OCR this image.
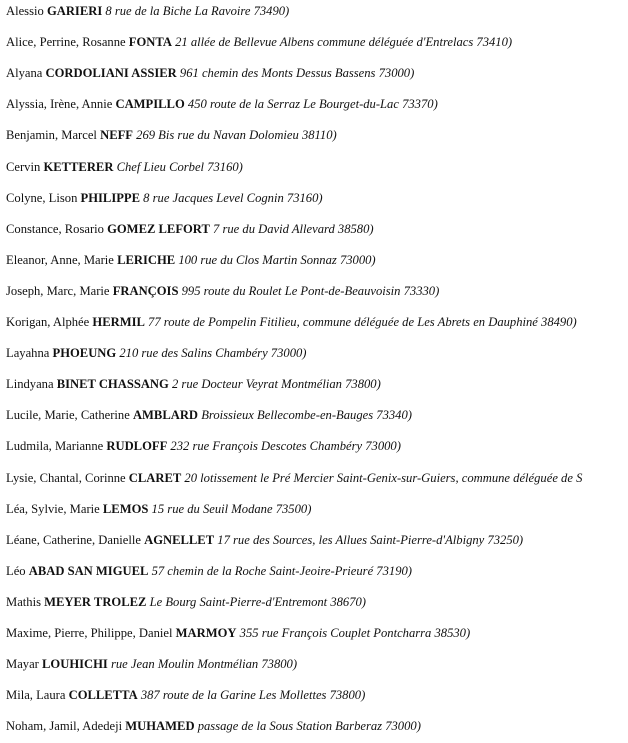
Alessio GARIERI 8 rue de la Biche La Ravoire 73490)
Alice, Perrine, Rosanne FONTA 21 allée de Bellevue Albens commune déléguée d'Entrelacs 73410)
Alyana CORDOLIANI ASSIER 961 chemin des Monts Dessus Bassens 73000)
Alyssia, Irène, Annie CAMPILLO 450 route de la Serraz Le Bourget-du-Lac 73370)
Benjamin, Marcel NEFF 269 Bis rue du Navan Dolomieu 38110)
Cervin KETTERER Chef Lieu Corbel 73160)
Colyne, Lison PHILIPPE 8 rue Jacques Level Cognin 73160)
Constance, Rosario GOMEZ LEFORT 7 rue du David Allevard 38580)
Eleanor, Anne, Marie LERICHE 100 rue du Clos Martin Sonnaz 73000)
Joseph, Marc, Marie FRANÇOIS 995 route du Roulet Le Pont-de-Beauvoisin 73330)
Korigan, Alphée HERMIL 77 route de Pompelin Fitilieu, commune déléguée de Les Abrets en Dauphiné 38490)
Layahna PHOEUNG 210 rue des Salins Chambéry 73000)
Lindyana BINET CHASSANG 2 rue Docteur Veyrat Montmélian 73800)
Lucile, Marie, Catherine AMBLARD Broissieux Bellecombe-en-Bauges 73340)
Ludmila, Marianne RUDLOFF 232 rue François Descotes Chambéry 73000)
Lysie, Chantal, Corinne CLARET 20 lotissement le Pré Mercier Saint-Genix-sur-Guiers, commune déléguée de S
Léa, Sylvie, Marie LEMOS 15 rue du Seuil Modane 73500)
Léane, Catherine, Danielle AGNELLET 17 rue des Sources, les Allues Saint-Pierre-d'Albigny 73250)
Léo ABAD SAN MIGUEL 57 chemin de la Roche Saint-Jeoire-Prieuré 73190)
Mathis MEYER TROLEZ Le Bourg Saint-Pierre-d'Entremont 38670)
Maxime, Pierre, Philippe, Daniel MARMOY 355 rue François Couplet Pontcharra 38530)
Mayar LOUHICHI rue Jean Moulin Montmélian 73800)
Mila, Laura COLLETTA 387 route de la Garine Les Mollettes 73800)
Noham, Jamil, Adedeji MUHAMED passage de la Sous Station Barberaz 73000)
